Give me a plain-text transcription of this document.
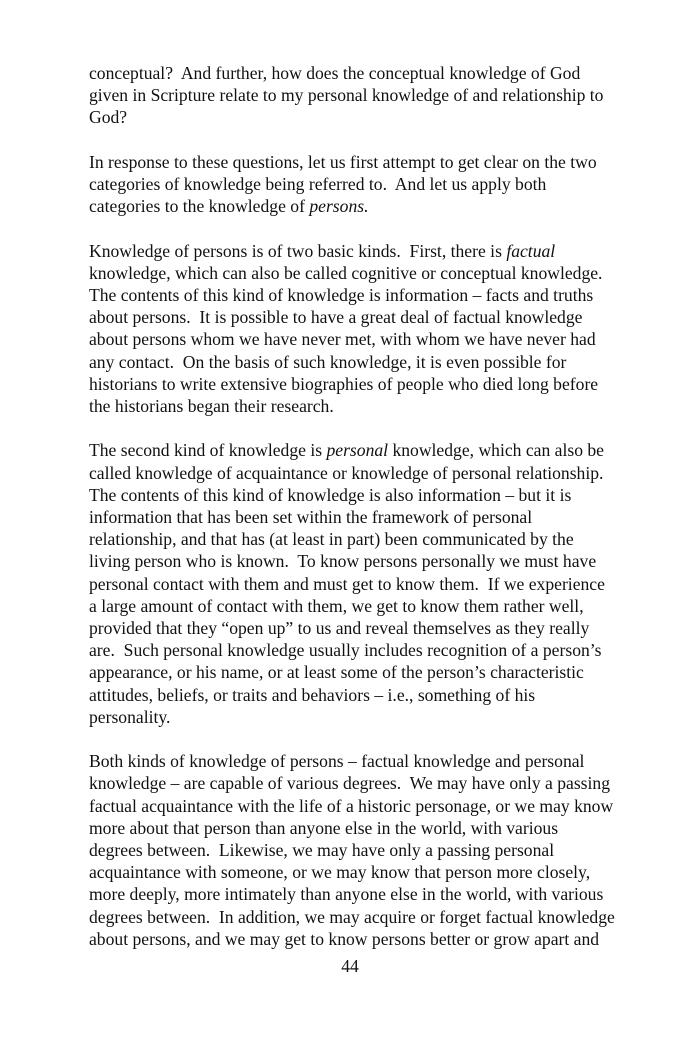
conceptual?  And further, how does the conceptual knowledge of God
given in Scripture relate to my personal knowledge of and relationship to
God?
In response to these questions, let us first attempt to get clear on the two
categories of knowledge being referred to.  And let us apply both
categories to the knowledge of persons.
Knowledge of persons is of two basic kinds.  First, there is factual
knowledge, which can also be called cognitive or conceptual knowledge.
The contents of this kind of knowledge is information – facts and truths
about persons.  It is possible to have a great deal of factual knowledge
about persons whom we have never met, with whom we have never had
any contact.  On the basis of such knowledge, it is even possible for
historians to write extensive biographies of people who died long before
the historians began their research.
The second kind of knowledge is personal knowledge, which can also be
called knowledge of acquaintance or knowledge of personal relationship.
The contents of this kind of knowledge is also information – but it is
information that has been set within the framework of personal
relationship, and that has (at least in part) been communicated by the
living person who is known.  To know persons personally we must have
personal contact with them and must get to know them.  If we experience
a large amount of contact with them, we get to know them rather well,
provided that they “open up” to us and reveal themselves as they really
are.  Such personal knowledge usually includes recognition of a person’s
appearance, or his name, or at least some of the person’s characteristic
attitudes, beliefs, or traits and behaviors – i.e., something of his
personality.
Both kinds of knowledge of persons – factual knowledge and personal
knowledge – are capable of various degrees.  We may have only a passing
factual acquaintance with the life of a historic personage, or we may know
more about that person than anyone else in the world, with various
degrees between.  Likewise, we may have only a passing personal
acquaintance with someone, or we may know that person more closely,
more deeply, more intimately than anyone else in the world, with various
degrees between.  In addition, we may acquire or forget factual knowledge
about persons, and we may get to know persons better or grow apart and
44
